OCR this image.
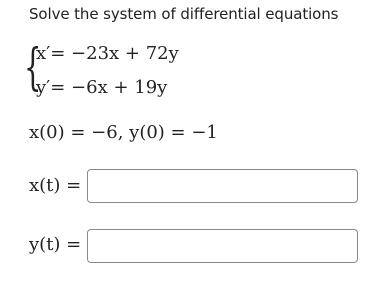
Solve the system of differential equations
{
x′= −23x + 72y
y′= −6x + 19y
x(0) = −6, y(0) = −1
x(t) =
y(t) =
